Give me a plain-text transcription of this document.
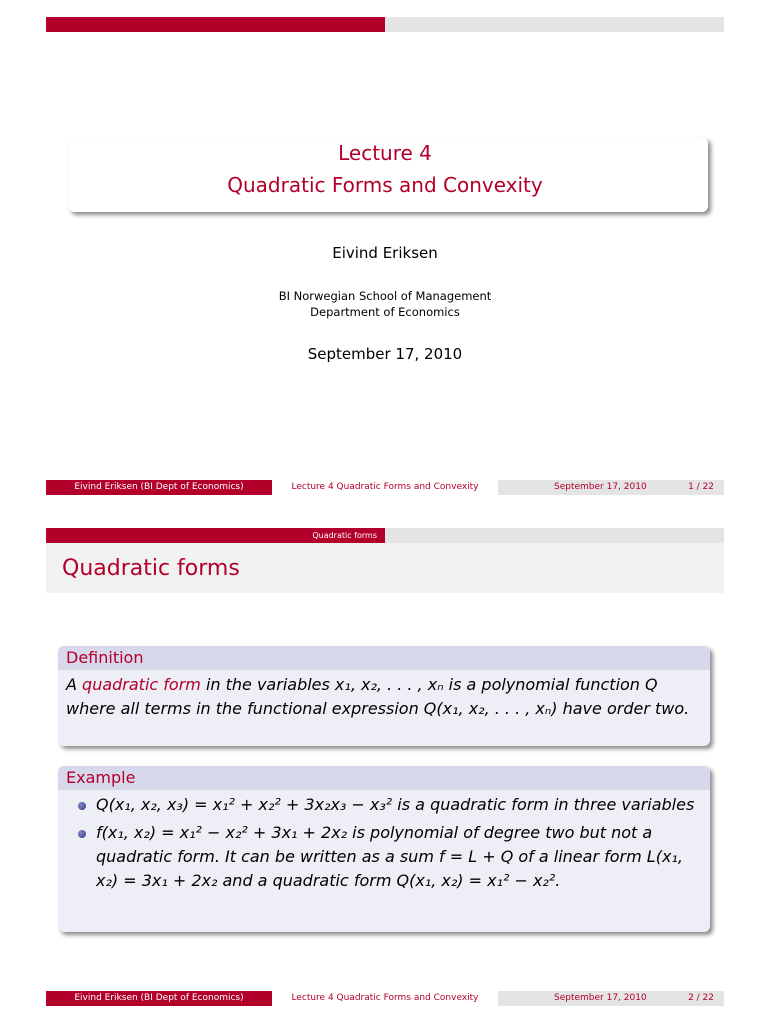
Lecture 4
Quadratic Forms and Convexity
Eivind Eriksen
BI Norwegian School of Management
Department of Economics
September 17, 2010
Eivind Eriksen (BI Dept of Economics)	Lecture 4 Quadratic Forms and Convexity	September 17, 2010	1 / 22
Quadratic forms
Quadratic forms
Definition
A quadratic form in the variables x₁, x₂, . . . , xₙ is a polynomial function Q where all terms in the functional expression Q(x₁, x₂, . . . , xₙ) have order two.
Example
Q(x₁, x₂, x₃) = x₁² + x₂² + 3x₂x₃ − x₃² is a quadratic form in three variables
f(x₁, x₂) = x₁² − x₂² + 3x₁ + 2x₂ is polynomial of degree two but not a quadratic form. It can be written as a sum f = L + Q of a linear form L(x₁, x₂) = 3x₁ + 2x₂ and a quadratic form Q(x₁, x₂) = x₁² − x₂².
Eivind Eriksen (BI Dept of Economics)	Lecture 4 Quadratic Forms and Convexity	September 17, 2010	2 / 22
